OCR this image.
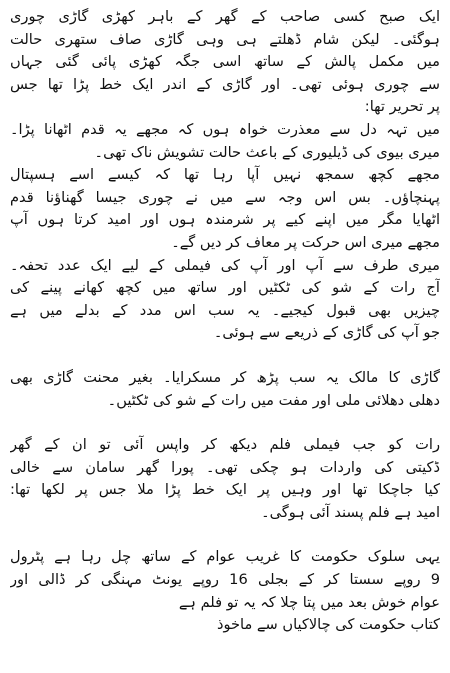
ایک صبح کسی صاحب کے گھر کے باہر کھڑی گاڑی چوری
ہوگئی۔ لیکن شام ڈھلتے ہی وہی گاڑی صاف ستھری حالت
میں مکمل پالش کے ساتھ اسی جگہ کھڑی پائی گئی جہاں
سے چوری ہوئی تھی۔ اور گاڑی کے اندر ایک خط پڑا تھا جس
پر تحریر تھا:
میں تہہ دل سے معذرت خواہ ہوں کہ مجھے یہ قدم اٹھانا پڑا۔
میری بیوی کی ڈیلیوری کے باعث حالت تشویش ناک تھی۔
مجھے کچھ سمجھ نہیں آپا رہا تھا کہ کیسے اسے ہسپتال
پہنچاؤں۔ بس اس وجہ سے میں نے چوری جیسا گھناؤنا قدم
اٹھایا مگر میں اپنے کیے پر شرمندہ ہوں اور امید کرتا ہوں آپ
مجھے میری اس حرکت پر معاف کر دیں گے۔
میری طرف سے آپ اور آپ کی فیملی کے لیے ایک عدد تحفہ۔
آج رات کے شو کی ٹکٹیں اور ساتھ میں کچھ کھانے پینے کی
چیزیں بھی قبول کیجیے۔ یہ سب اس مدد کے بدلے میں ہے
جو آپ کی گاڑی کے ذریعے سے ہوئی۔
گاڑی کا مالک یہ سب پڑھ کر مسکرایا۔ بغیر محنت گاڑی بھی
دھلی دھلائی ملی اور مفت میں رات کے شو کی ٹکٹیں۔
رات کو جب فیملی فلم دیکھ کر واپس آئی تو ان کے گھر
ڈکیتی کی واردات ہو چکی تھی۔ پورا گھر سامان سے خالی
کیا جاچکا تھا اور وہیں پر ایک خط پڑا ملا جس پر لکھا تھا:
امید ہے فلم پسند آئی ہوگی۔
یہی سلوک حکومت کا غریب عوام کے ساتھ چل رہا ہے پٹرول
9 روپے سستا کر کے بجلی 16 روپے یونٹ مہنگی کر ڈالی اور
عوام خوش بعد میں پتا چلا کہ یہ تو فلم ہے
کتاب حکومت کی چالاکیاں سے ماخوذ
